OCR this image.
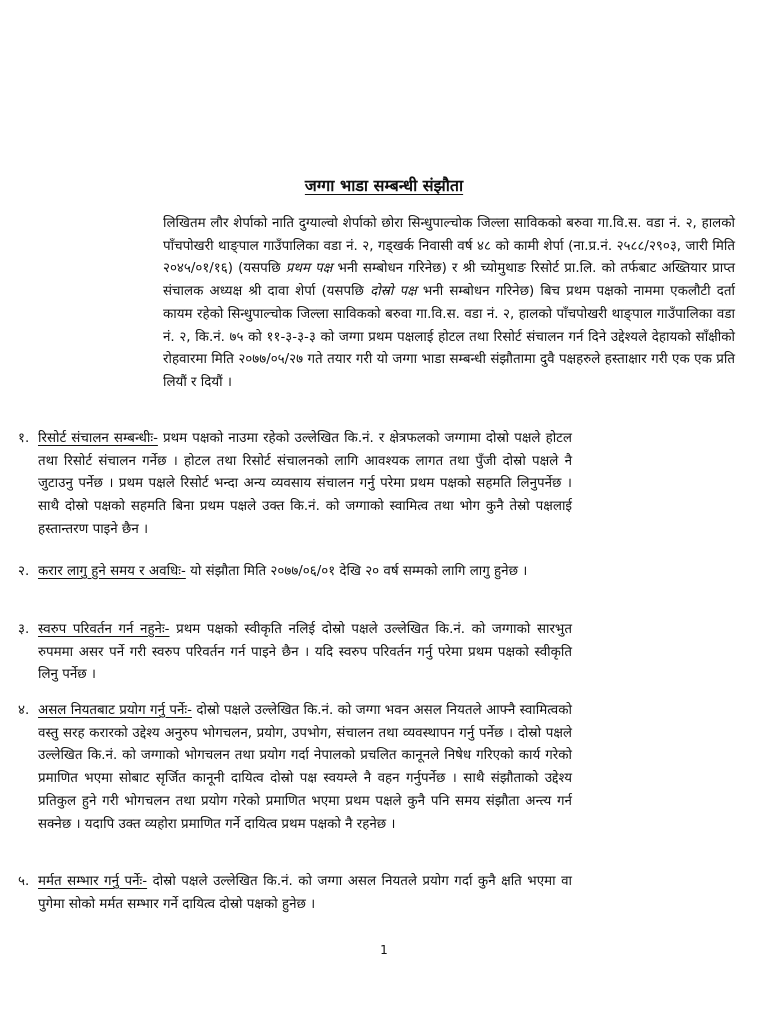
जग्गा भाडा सम्बन्धी संझौता

लिखितम लौर शेर्पाको नाति दुग्याल्वो शेर्पाको छोरा सिन्धुपाल्चोक जिल्ला साविकको बरुवा गा.वि.स. वडा नं. २, हालको पाँचपोखरी थाङ्पाल गाउँपालिका वडा नं. २, गड्खर्क निवासी वर्ष ४८ को कामी शेर्पा (ना.प्र.नं. २५८८/२९०३, जारी मिति २०४५/०१/१६) (यसपछि प्रथम पक्ष भनी सम्बोधन गरिनेछ) र श्री च्योमुथाङ रिसोर्ट प्रा.लि. को तर्फबाट अख्तियार प्राप्त संचालक अध्यक्ष श्री दावा शेर्पा (यसपछि दोस्रो पक्ष भनी सम्बोधन गरिनेछ) बिच प्रथम पक्षको नाममा एकलौटी दर्ता कायम रहेको सिन्धुपाल्चोक जिल्ला साविकको बरुवा गा.वि.स. वडा नं. २, हालको पाँचपोखरी थाङ्पाल गाउँपालिका वडा नं. २, कि.नं. ७५ को ११-३-३-३ को जग्गा प्रथम पक्षलाई होटल तथा रिसोर्ट संचालन गर्न दिने उद्देश्यले देहायको साँक्षीको रोहवारमा मिति २०७७/०५/२७ गते तयार गरी यो जग्गा भाडा सम्बन्धी संझौतामा दुवै पक्षहरुले हस्ताक्षार गरी एक एक प्रति लियौं र दियौं ।

१. रिसोर्ट संचालन सम्बन्धीः- प्रथम पक्षको नाउमा रहेको उल्लेखित कि.नं. र क्षेत्रफलको जग्गामा दोस्रो पक्षले होटल तथा रिसोर्ट संचालन गर्नेछ । होटल तथा रिसोर्ट संचालनको लागि आवश्यक लागत तथा पुँजी दोस्रो पक्षले नै जुटाउनु पर्नेछ । प्रथम पक्षले रिसोर्ट भन्दा अन्य व्यवसाय संचालन गर्नु परेमा प्रथम पक्षको सहमति लिनुपर्नेछ । साथै दोस्रो पक्षको सहमति बिना प्रथम पक्षले उक्त कि.नं. को जग्गाको स्वामित्व तथा भोग कुनै तेस्रो पक्षलाई हस्तान्तरण पाइने छैन ।
२. करार लागु हुने समय र अवधिः- यो संझौता मिति २०७७/०६/०१ देखि २० वर्ष सम्मको लागि लागु हुनेछ ।
३. स्वरुप परिवर्तन गर्न नहुनेः- प्रथम पक्षको स्वीकृति नलिई दोस्रो पक्षले उल्लेखित कि.नं. को जग्गाको सारभुत रुपममा असर पर्ने गरी स्वरुप परिवर्तन गर्न पाइने छैन । यदि स्वरुप परिवर्तन गर्नु परेमा प्रथम पक्षको स्वीकृति लिनु पर्नेछ ।
४. असल नियतबाट प्रयोग गर्नु पर्नेः- दोस्रो पक्षले उल्लेखित कि.नं. को जग्गा भवन असल नियतले आफ्नै स्वामित्वको वस्तु सरह करारको उद्देश्य अनुरुप भोगचलन, प्रयोग, उपभोग, संचालन तथा व्यवस्थापन गर्नु पर्नेछ । दोस्रो पक्षले उल्लेखित कि.नं. को जग्गाको भोगचलन तथा प्रयोग गर्दा नेपालको प्रचलित कानूनले निषेध गरिएको कार्य गरेको प्रमाणित भएमा सोबाट सृर्जित कानूनी दायित्व दोस्रो पक्ष स्वयम्ले नै वहन गर्नुपर्नेछ । साथै संझौताको उद्देश्य प्रतिकुल हुने गरी भोगचलन तथा प्रयोग गरेको प्रमाणित भएमा प्रथम पक्षले कुनै पनि समय संझौता अन्त्य गर्न सक्नेछ । यदापि उक्त व्यहोरा प्रमाणित गर्ने दायित्व प्रथम पक्षको नै रहनेछ ।
५. मर्मत सम्भार गर्नु पर्नेः- दोस्रो पक्षले उल्लेखित कि.नं. को जग्गा असल नियतले प्रयोग गर्दा कुनै क्षति भएमा वा पुगेमा सोको मर्मत सम्भार गर्ने दायित्व दोस्रो पक्षको हुनेछ ।
1
